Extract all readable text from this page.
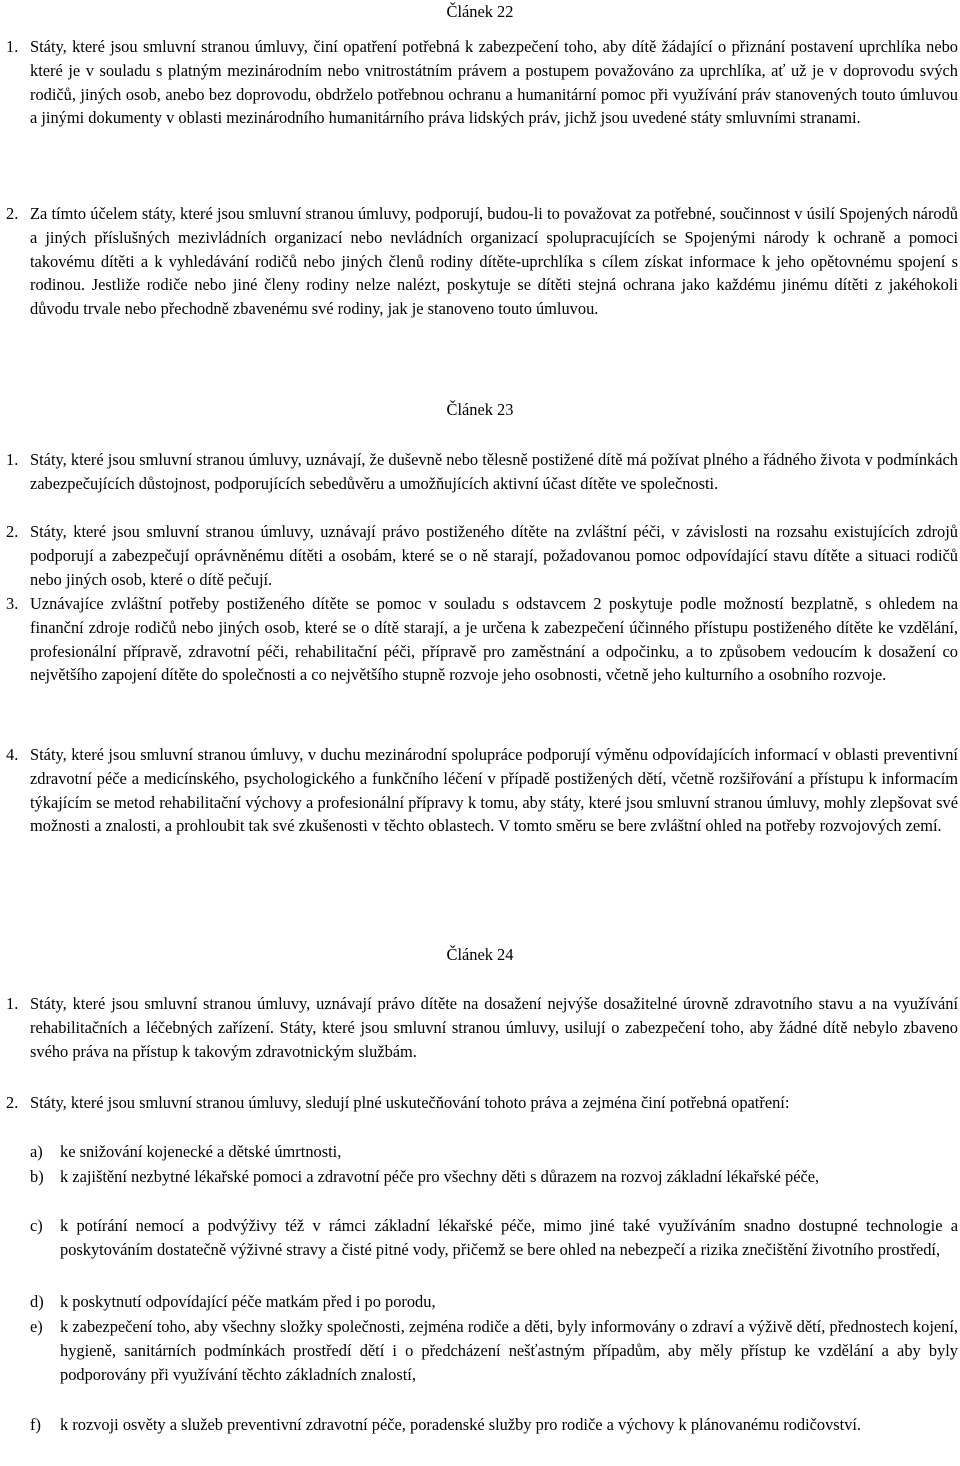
Článek 22
1. Státy, které jsou smluvní stranou úmluvy, činí opatření potřebná k zabezpečení toho, aby dítě žádající o přiznání postavení uprchlíka nebo které je v souladu s platným mezinárodním nebo vnitrostátním právem a postupem považováno za uprchlíka, ať už je v doprovodu svých rodičů, jiných osob, anebo bez doprovodu, obdrželo potřebnou ochranu a humanitární pomoc při využívání práv stanovených touto úmluvou a jinými dokumenty v oblasti mezinárodního humanitárního práva lidských práv, jichž jsou uvedené státy smluvními stranami.
2. Za tímto účelem státy, které jsou smluvní stranou úmluvy, podporují, budou-li to považovat za potřebné, součinnost v úsilí Spojených národů a jiných příslušných mezivládních organizací nebo nevládních organizací spolupracujících se Spojenými národy k ochraně a pomoci takovému dítěti a k vyhledávání rodičů nebo jiných členů rodiny dítěte-uprchlíka s cílem získat informace k jeho opětovnému spojení s rodinou. Jestliže rodiče nebo jiné členy rodiny nelze nalézt, poskytuje se dítěti stejná ochrana jako každému jinému dítěti z jakéhokoli důvodu trvale nebo přechodně zbavenému své rodiny, jak je stanoveno touto úmluvou.
Článek 23
1. Státy, které jsou smluvní stranou úmluvy, uznávají, že duševně nebo tělesně postižené dítě má požívat plného a řádného života v podmínkách zabezpečujících důstojnost, podporujících sebedůvěru a umožňujících aktivní účast dítěte ve společnosti.
2. Státy, které jsou smluvní stranou úmluvy, uznávají právo postiženého dítěte na zvláštní péči, v závislosti na rozsahu existujících zdrojů podporují a zabezpečují oprávněnému dítěti a osobám, které se o ně starají, požadovanou pomoc odpovídající stavu dítěte a situaci rodičů nebo jiných osob, které o dítě pečují.
3. Uznávajíce zvláštní potřeby postiženého dítěte se pomoc v souladu s odstavcem 2 poskytuje podle možností bezplatně, s ohledem na finanční zdroje rodičů nebo jiných osob, které se o dítě starají, a je určena k zabezpečení účinného přístupu postiženého dítěte ke vzdělání, profesionální přípravě, zdravotní péči, rehabilitační péči, přípravě pro zaměstnání a odpočinku, a to způsobem vedoucím k dosažení co největšího zapojení dítěte do společnosti a co největšího stupně rozvoje jeho osobnosti, včetně jeho kulturního a osobního rozvoje.
4. Státy, které jsou smluvní stranou úmluvy, v duchu mezinárodní spolupráce podporují výměnu odpovídajících informací v oblasti preventivní zdravotní péče a medicínského, psychologického a funkčního léčení v případě postižených dětí, včetně rozšiřování a přístupu k informacím týkajícím se metod rehabilitační výchovy a profesionální přípravy k tomu, aby státy, které jsou smluvní stranou úmluvy, mohly zlepšovat své možnosti a znalosti, a prohloubit tak své zkušenosti v těchto oblastech. V tomto směru se bere zvláštní ohled na potřeby rozvojových zemí.
Článek 24
1. Státy, které jsou smluvní stranou úmluvy, uznávají právo dítěte na dosažení nejvýše dosažitelné úrovně zdravotního stavu a na využívání rehabilitačních a léčebných zařízení. Státy, které jsou smluvní stranou úmluvy, usilují o zabezpečení toho, aby žádné dítě nebylo zbaveno svého práva na přístup k takovým zdravotnickým službám.
2. Státy, které jsou smluvní stranou úmluvy, sledují plné uskutečňování tohoto práva a zejména činí potřebná opatření:
a) ke snižování kojenecké a dětské úmrtnosti,
b) k zajištění nezbytné lékařské pomoci a zdravotní péče pro všechny děti s důrazem na rozvoj základní lékařské péče,
c) k potírání nemocí a podvýživy též v rámci základní lékařské péče, mimo jiné také využíváním snadno dostupné technologie a poskytováním dostatečně výživné stravy a čisté pitné vody, přičemž se bere ohled na nebezpečí a rizika znečištění životního prostředí,
d) k poskytnutí odpovídající péče matkám před i po porodu,
e) k zabezpečení toho, aby všechny složky společnosti, zejména rodiče a děti, byly informovány o zdraví a výživě dětí, přednostech kojení, hygieně, sanitárních podmínkách prostředí dětí i o předcházení nešťastným případům, aby měly přístup ke vzdělání a aby byly podporovány při využívání těchto základních znalostí,
f) k rozvoji osvěty a služeb preventivní zdravotní péče, poradenské služby pro rodiče a výchovy k plánovanému rodičovství.
